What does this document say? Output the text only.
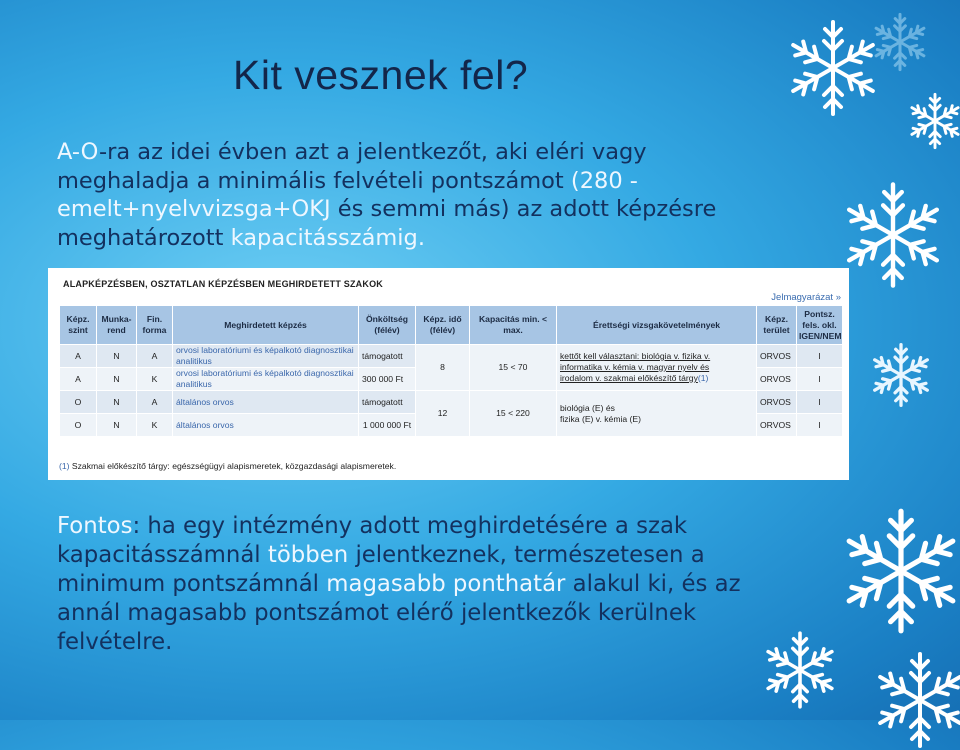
Kit vesznek fel?

A-O-ra az idei évben azt a jelentkezőt, aki eléri vagy meghaladja a minimális felvételi pontszámot (280 - emelt+nyelvvizsga+OKJ és semmi más) az adott képzésre meghatározott kapacitásszámig.

ALAPKÉPZÉSBEN, OSZTATLAN KÉPZÉSBEN MEGHIRDETETT SZAKOK
Jelmagyarázat »
Képz. szint	Munka-rend	Fin. forma	Meghirdetett képzés	Önköltség (félév)	Képz. idő (félév)	Kapacitás min. < max.	Érettségi vizsgakövetelmények	Képz. terület	Pontsz. fels. okl. IGEN/NEM
A	N	A	orvosi laboratóriumi és képalkotó diagnosztikai analitikus	támogatott	8	15 < 70	kettőt kell választani: biológia v. fizika v.
informatika v. kémia v. magyar nyelv és
irodalom v. szakmai előkészítő tárgy(1)	ORVOS	I
A	N	K	orvosi laboratóriumi és képalkotó diagnosztikai analitikus	300 000 Ft				ORVOS	I
O	N	A	általános orvos	támogatott	12	15 < 220	biológia (E) és
fizika (E) v. kémia (E)	ORVOS	I
O	N	K	általános orvos	1 000 000 Ft				ORVOS	I
(1) Szakmai előkészítő tárgy: egészségügyi alapismeretek, közgazdasági alapismeretek.

Fontos: ha egy intézmény adott meghirdetésére a szak kapacitásszámnál többen jelentkeznek, természetesen a minimum pontszámnál magasabb ponthatár alakul ki, és az annál magasabb pontszámot elérő jelentkezők kerülnek felvételre.
